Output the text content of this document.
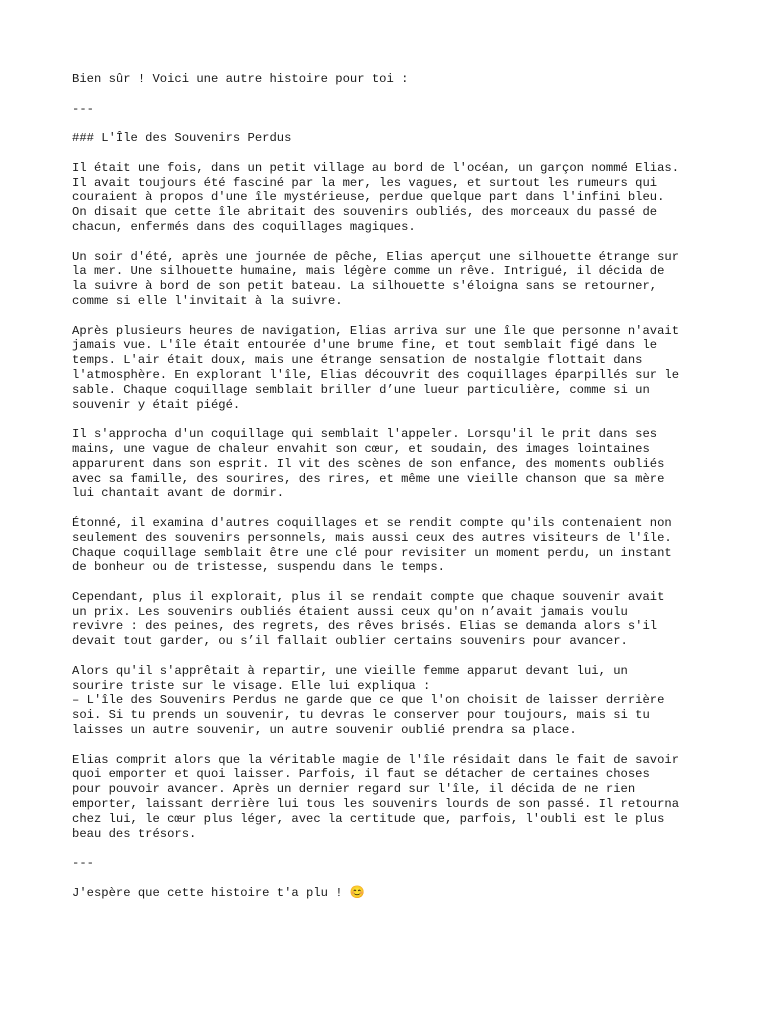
Bien sûr ! Voici une autre histoire pour toi :
---
### L'Île des Souvenirs Perdus
Il était une fois, dans un petit village au bord de l'océan, un garçon nommé Elias.
Il avait toujours été fasciné par la mer, les vagues, et surtout les rumeurs qui
couraient à propos d'une île mystérieuse, perdue quelque part dans l'infini bleu.
On disait que cette île abritait des souvenirs oubliés, des morceaux du passé de
chacun, enfermés dans des coquillages magiques.
Un soir d'été, après une journée de pêche, Elias aperçut une silhouette étrange sur
la mer. Une silhouette humaine, mais légère comme un rêve. Intrigué, il décida de
la suivre à bord de son petit bateau. La silhouette s'éloigna sans se retourner,
comme si elle l'invitait à la suivre.
Après plusieurs heures de navigation, Elias arriva sur une île que personne n'avait
jamais vue. L'île était entourée d'une brume fine, et tout semblait figé dans le
temps. L'air était doux, mais une étrange sensation de nostalgie flottait dans
l'atmosphère. En explorant l'île, Elias découvrit des coquillages éparpillés sur le
sable. Chaque coquillage semblait briller d’une lueur particulière, comme si un
souvenir y était piégé.
Il s'approcha d'un coquillage qui semblait l'appeler. Lorsqu'il le prit dans ses
mains, une vague de chaleur envahit son cœur, et soudain, des images lointaines
apparurent dans son esprit. Il vit des scènes de son enfance, des moments oubliés
avec sa famille, des sourires, des rires, et même une vieille chanson que sa mère
lui chantait avant de dormir.
Étonné, il examina d'autres coquillages et se rendit compte qu'ils contenaient non
seulement des souvenirs personnels, mais aussi ceux des autres visiteurs de l'île.
Chaque coquillage semblait être une clé pour revisiter un moment perdu, un instant
de bonheur ou de tristesse, suspendu dans le temps.
Cependant, plus il explorait, plus il se rendait compte que chaque souvenir avait
un prix. Les souvenirs oubliés étaient aussi ceux qu'on n’avait jamais voulu
revivre : des peines, des regrets, des rêves brisés. Elias se demanda alors s'il
devait tout garder, ou s’il fallait oublier certains souvenirs pour avancer.
Alors qu'il s'apprêtait à repartir, une vieille femme apparut devant lui, un
sourire triste sur le visage. Elle lui expliqua :
– L'île des Souvenirs Perdus ne garde que ce que l'on choisit de laisser derrière
soi. Si tu prends un souvenir, tu devras le conserver pour toujours, mais si tu
laisses un autre souvenir, un autre souvenir oublié prendra sa place.
Elias comprit alors que la véritable magie de l'île résidait dans le fait de savoir
quoi emporter et quoi laisser. Parfois, il faut se détacher de certaines choses
pour pouvoir avancer. Après un dernier regard sur l'île, il décida de ne rien
emporter, laissant derrière lui tous les souvenirs lourds de son passé. Il retourna
chez lui, le cœur plus léger, avec la certitude que, parfois, l'oubli est le plus
beau des trésors.
---
J'espère que cette histoire t'a plu ! 😊
